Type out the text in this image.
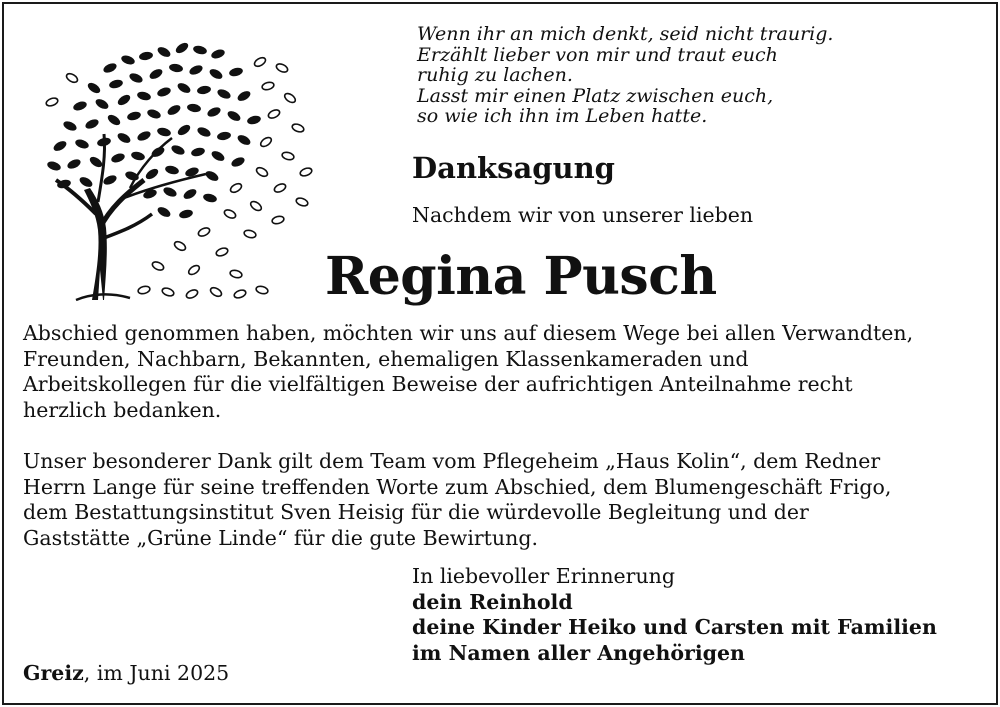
Wenn ihr an mich denkt, seid nicht traurig.
Erzählt lieber von mir und traut euch
ruhig zu lachen.
Lasst mir einen Platz zwischen euch,
so wie ich ihn im Leben hatte.
Danksagung
Nachdem wir von unserer lieben
Regina Pusch
Abschied genommen haben, möchten wir uns auf diesem Wege bei allen Verwandten,
Freunden, Nachbarn, Bekannten, ehemaligen Klassenkameraden und
Arbeitskollegen für die vielfältigen Beweise der aufrichtigen Anteilnahme recht
herzlich bedanken.
Unser besonderer Dank gilt dem Team vom Pflegeheim „Haus Kolin“, dem Redner
Herrn Lange für seine treffenden Worte zum Abschied, dem Blumengeschäft Frigo,
dem Bestattungsinstitut Sven Heisig für die würdevolle Begleitung und der
Gaststätte „Grüne Linde“ für die gute Bewirtung.
In liebevoller Erinnerung
dein Reinhold
deine Kinder Heiko und Carsten mit Familien
im Namen aller Angehörigen
Greiz, im Juni 2025
